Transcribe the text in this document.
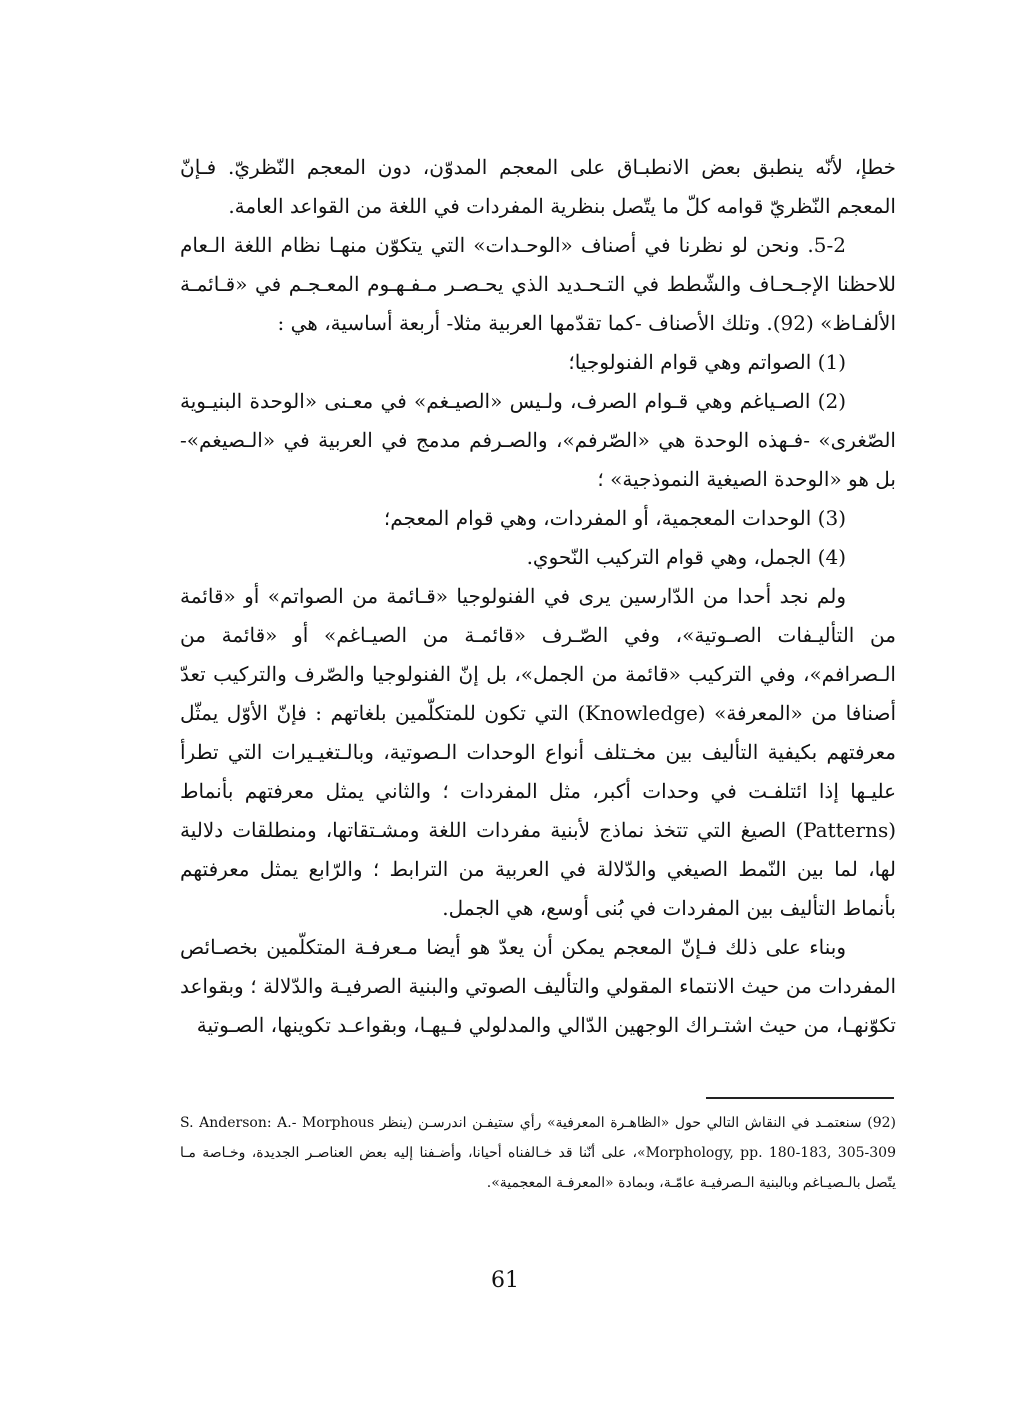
خطإ، لأنّه ينطبق بعض الانطبـاق على المعجم المدوّن، دون المعجم النّظريّ. فـإنّ المعجم النّظريّ قوامه كلّ ما يتّصل بنظرية المفردات في اللغة من القواعد العامة.

5-2. ونحن لو نظرنا في أصناف «الوحـدات» التي يتكوّن منهـا نظام اللغة الـعام للاحظنا الإجـحـاف والشّطط في التـحـديد الذي يحـصـر مـفـهـوم المعـجـم في «قـائمـة الألفـاظ» (92). وتلك الأصناف -كما تقدّمها العربية مثلا- أربعة أساسية، هي :

(1) الصواتم وهي قوام الفنولوجيا؛

(2) الصـياغم وهي قـوام الصرف، ولـيس «الصيـغم» في معـنى «الوحدة البنيـوية الصّغرى» -فـهذه الوحدة هي «الصّرفم»، والصـرفم مدمج في العربية في «الـصيغم»- بل هو «الوحدة الصيغية النموذجية» ؛

(3) الوحدات المعجمية، أو المفردات، وهي قوام المعجم؛

(4) الجمل، وهي قوام التركيب النّحوي.

ولم نجد أحدا من الدّارسين يرى في الفنولوجيا «قـائمة من الصواتم» أو «قائمة من التأليـفات الصـوتية»، وفي الصّـرف «قائمـة من الصيـاغم» أو «قائمة من الـصرافم»، وفي التركيب «قائمة من الجمل»، بل إنّ الفنولوجيا والصّرف والتركيب تعدّ أصنافا من «المعرفة» (Knowledge) التي تكون للمتكلّمين بلغاتهم : فإنّ الأوّل يمثّل معرفتهم بكيفية التأليف بين مخـتلف أنواع الوحدات الـصوتية، وبالـتغيـيرات التي تطرأ عليـها إذا ائتلفـت في وحدات أكبر، مثل المفردات ؛ والثاني يمثل معرفتهم بأنماط (Patterns) الصيغ التي تتخذ نماذج لأبنية مفردات اللغة ومشـتقاتها، ومنطلقات دلالية لها، لما بين النّمط الصيغي والدّلالة في العربية من الترابط ؛ والرّابع يمثل معرفتهم بأنماط التأليف بين المفردات في بُنى أوسع، هي الجمل.

وبناء على ذلك فـإنّ المعجم يمكن أن يعدّ هو أيضا مـعرفـة المتكلّمين بخصـائص المفردات من حيث الانتماء المقولي والتأليف الصوتي والبنية الصرفيـة والدّلالة ؛ وبقواعد تكوّنهـا، من حيث اشتـراك الوجهين الدّالي والمدلولي فـيهـا، وبقواعـد تكوينها، الصـوتية

(92) سنعتمـد في النقاش التالي حول «الظاهـرة المعرفية» رأي ستيفـن اندرسـن (ينظر S. Anderson: A.- Morphous Morphology, pp. 180-183, 305-309»، على أنّنا قد خـالفناه أحيانا، وأضـفنا إليه بعض العناصـر الجديدة، وخـاصة مـا يتّصل بالـصيـاغم وبالبنية الـصرفيـة عامّـة، وبمادة «المعرفـة المعجمية».

61
